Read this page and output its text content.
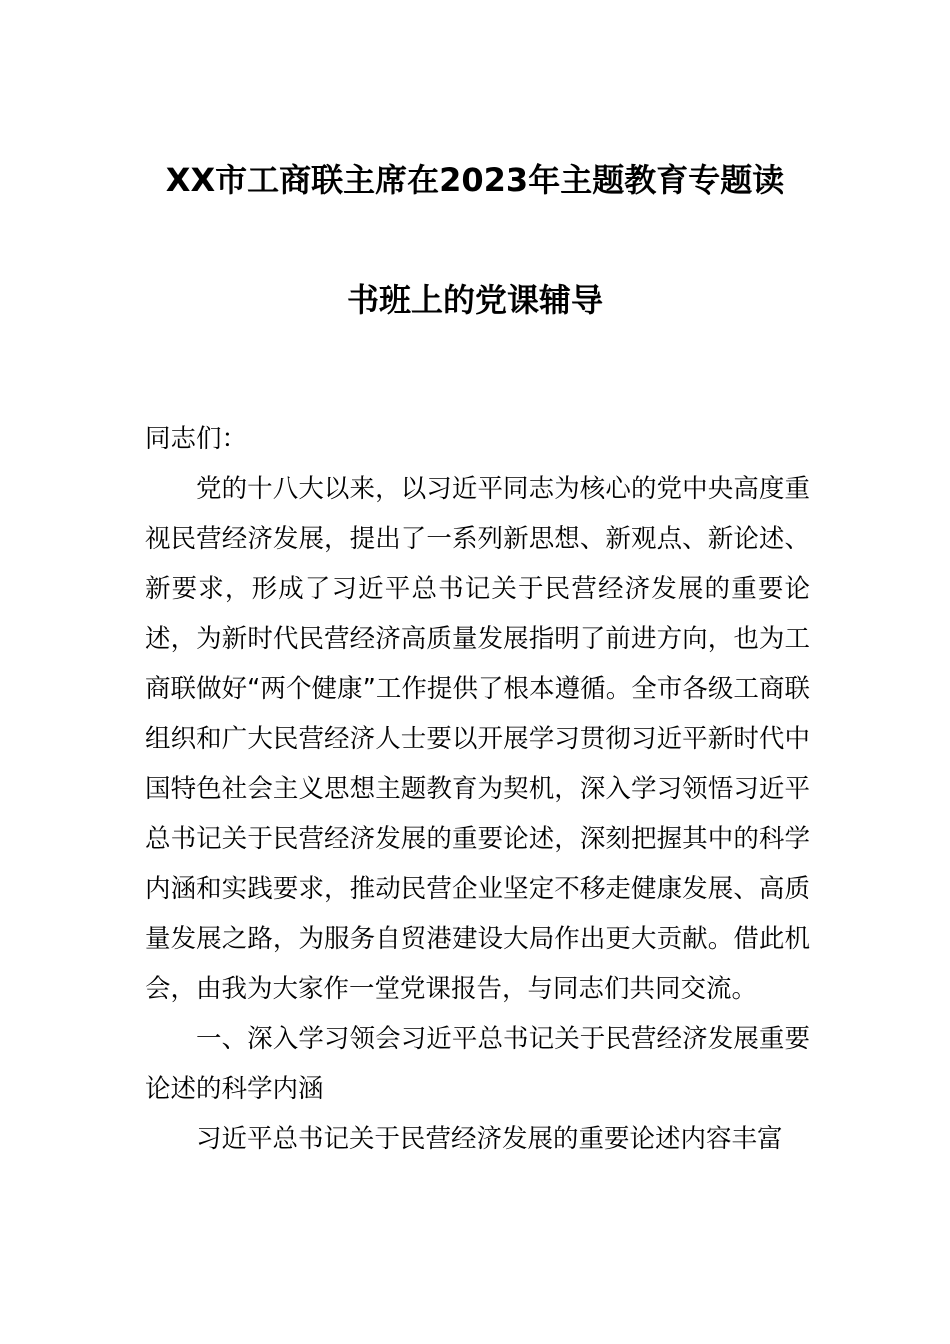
XX市工商联主席在2023年主题教育专题读
书班上的党课辅导
同志们：

党的十八大以来，以习近平同志为核心的党中央高度重视民营经济发展，提出了一系列新思想、新观点、新论述、新要求，形成了习近平总书记关于民营经济发展的重要论述，为新时代民营经济高质量发展指明了前进方向，也为工商联做好“两个健康”工作提供了根本遵循。全市各级工商联组织和广大民营经济人士要以开展学习贯彻习近平新时代中国特色社会主义思想主题教育为契机，深入学习领悟习近平总书记关于民营经济发展的重要论述，深刻把握其中的科学内涵和实践要求，推动民营企业坚定不移走健康发展、高质量发展之路，为服务自贸港建设大局作出更大贡献。借此机会，由我为大家作一堂党课报告，与同志们共同交流。

一、深入学习领会习近平总书记关于民营经济发展重要论述的科学内涵

习近平总书记关于民营经济发展的重要论述内容丰富
